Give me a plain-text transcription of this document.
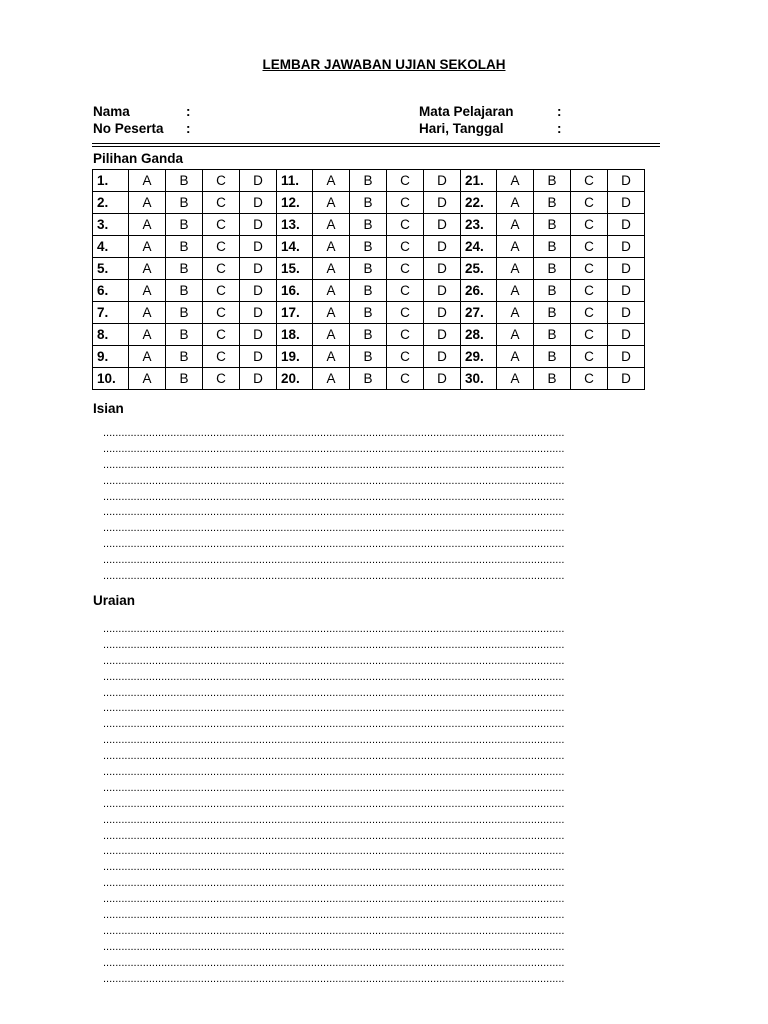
LEMBAR JAWABAN UJIAN SEKOLAH
Nama	:
No Peserta :
Mata Pelajaran	:
Hari, Tanggal	:
Pilihan Ganda
1.	A	B	C	D	11.	A	B	C	D	21.	A	B	C	D
2.	A	B	C	D	12.	A	B	C	D	22.	A	B	C	D
3.	A	B	C	D	13.	A	B	C	D	23.	A	B	C	D
4.	A	B	C	D	14.	A	B	C	D	24.	A	B	C	D
5.	A	B	C	D	15.	A	B	C	D	25.	A	B	C	D
6.	A	B	C	D	16.	A	B	C	D	26.	A	B	C	D
7.	A	B	C	D	17.	A	B	C	D	27.	A	B	C	D
8.	A	B	C	D	18.	A	B	C	D	28.	A	B	C	D
9.	A	B	C	D	19.	A	B	C	D	29.	A	B	C	D
10.	A	B	C	D	20.	A	B	C	D	30.	A	B	C	D
Isian
.......................................................................................................................................................
.......................................................................................................................................................
.......................................................................................................................................................
.......................................................................................................................................................
.......................................................................................................................................................
.......................................................................................................................................................
.......................................................................................................................................................
.......................................................................................................................................................
.......................................................................................................................................................
.......................................................................................................................................................
Uraian
.......................................................................................................................................................
.......................................................................................................................................................
.......................................................................................................................................................
.......................................................................................................................................................
.......................................................................................................................................................
.......................................................................................................................................................
.......................................................................................................................................................
.......................................................................................................................................................
.......................................................................................................................................................
.......................................................................................................................................................
.......................................................................................................................................................
.......................................................................................................................................................
.......................................................................................................................................................
.......................................................................................................................................................
.......................................................................................................................................................
.......................................................................................................................................................
.......................................................................................................................................................
.......................................................................................................................................................
.......................................................................................................................................................
.......................................................................................................................................................
.......................................................................................................................................................
.......................................................................................................................................................
.......................................................................................................................................................
